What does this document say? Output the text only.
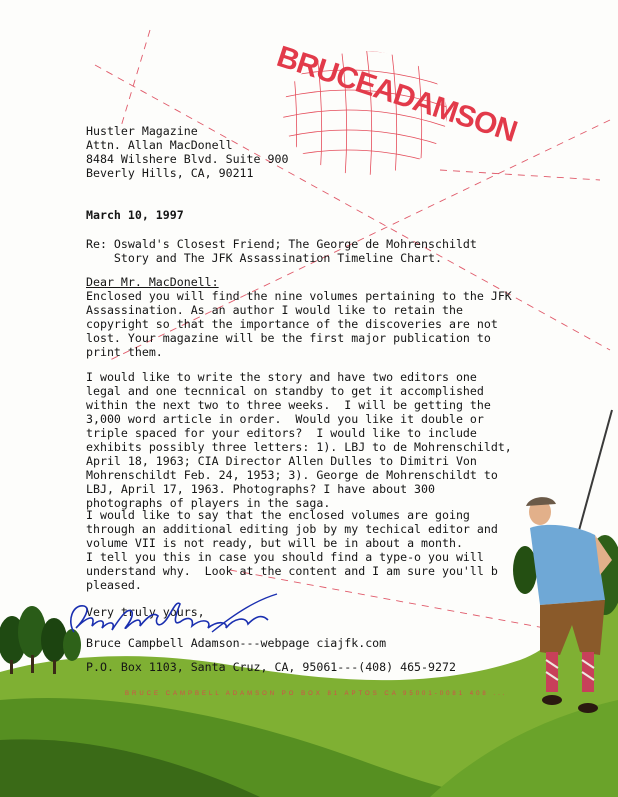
BRUCEADAMSON
Hustler Magazine
Attn. Allan MacDonell
8484 Wilshere Blvd. Suite 900
Beverly Hills, CA, 90211
March 10, 1997
Re: Oswald's Closest Friend; The George de Mohrenschildt
Story and The JFK Assassination Timeline Chart.
Dear Mr. MacDonell:
Enclosed you will find the nine volumes pertaining to the JFK
Assassination. As an author I would like to retain the
copyright so that the importance of the discoveries are not
lost. Your magazine will be the first major publication to
print them.
I would like to write the story and have two editors one
legal and one tecnnical on standby to get it accomplished
within the next two to three weeks.  I will be getting the
3,000 word article in order.  Would you like it double or
triple spaced for your editors?  I would like to include
exhibits possibly three letters: 1). LBJ to de Mohrenschildt,
April 18, 1963; CIA Director Allen Dulles to Dimitri Von
Mohrenschildt Feb. 24, 1953; 3). George de Mohrenschildt to
LBJ, April 17, 1963. Photographs? I have about 300
photographs of players in the saga.
I would like to say that the enclosed volumes are going
through an additional editing job by my techical editor and
volume VII is not ready, but will be in about a month.
I tell you this in case you should find a type-o you will
understand why.  Look at the content and I am sure you'll b
pleased.
Very truly yours,
Bruce Campbell Adamson---webpage ciajfk.com
P.O. Box 1103, Santa Cruz, CA, 95061---(408) 465-9272
BRUCE CAMPBELL ADAMSON PO BOX 81 APTOS CA 95001-0081 408 ...
